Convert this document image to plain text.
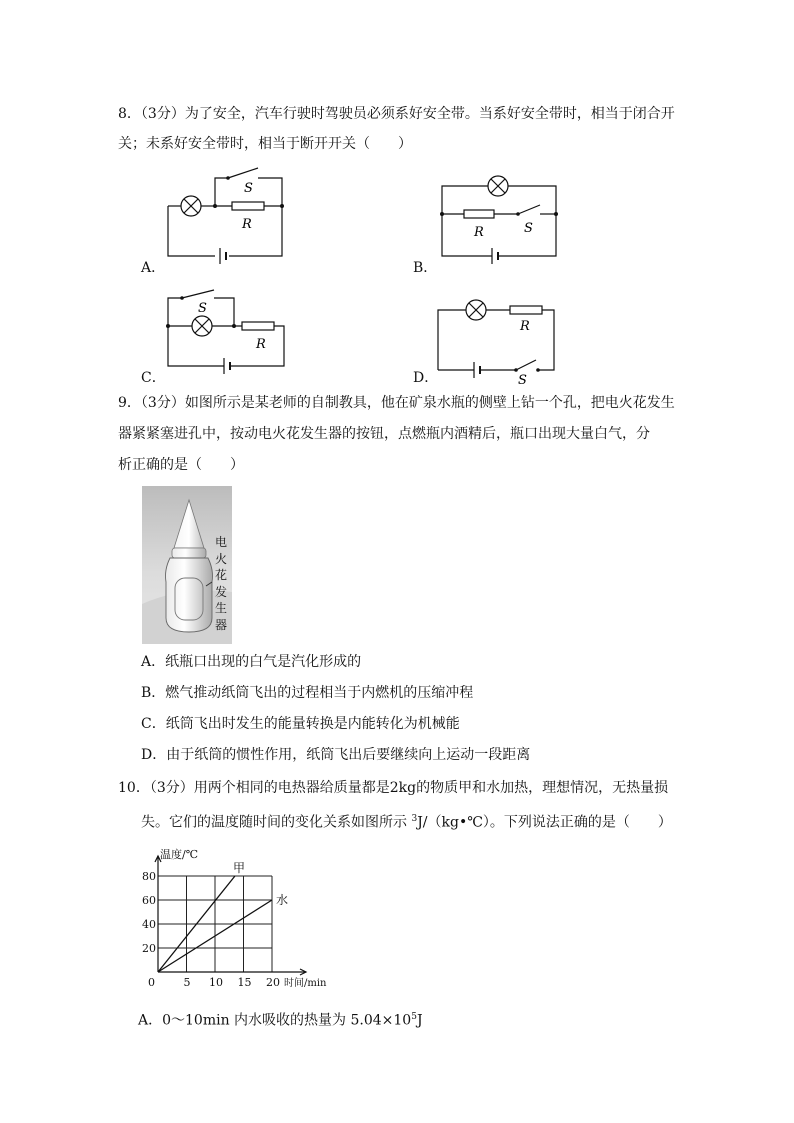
8．（3分）为了安全，汽车行驶时驾驶员必须系好安全带。当系好安全带时，相当于闭合开
关；未系好安全带时，相当于断开开关（　　）
A．
S
R
B．
R	S
C．
S
R
D．
R
S
9．（3分）如图所示是某老师的自制教具，他在矿泉水瓶的侧壁上钻一个孔，把电火花发生
器紧紧塞进孔中，按动电火花发生器的按钮，点燃瓶内酒精后，瓶口出现大量白气，分
析正确的是（　　）
电
火
花
发
生
器
A．纸瓶口出现的白气是汽化形成的
B．燃气推动纸筒飞出的过程相当于内燃机的压缩冲程
C．纸筒飞出时发生的能量转换是内能转化为机械能
D．由于纸筒的惯性作用，纸筒飞出后要继续向上运动一段距离
10．（3分）用两个相同的电热器给质量都是2kg的物质甲和水加热，理想情况，无热量损
失。它们的温度随时间的变化关系如图所示 $^3$J/（kg•℃）。下列说法正确的是（　　）
0	5 10 15 20
20
40
60
80
温度/℃
时间/min
甲
水
A．0～10min 内水吸收的热量为 $5.04\times 10^5J$
